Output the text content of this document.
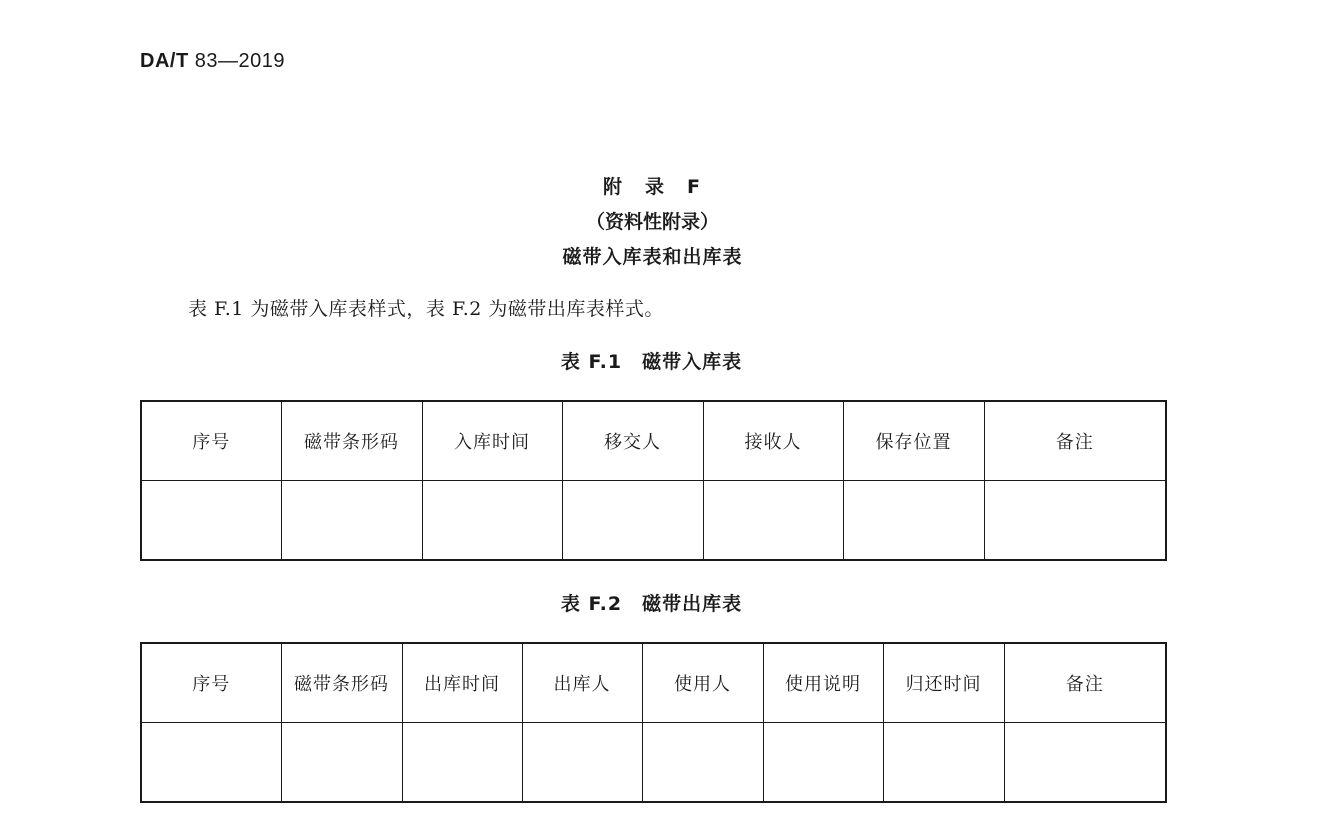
DA/T 83—2019
附　录　F
（资料性附录）
磁带入库表和出库表
表 F.1 为磁带入库表样式，表 F.2 为磁带出库表样式。
表 F.1　磁带入库表
序号	磁带条形码	入库时间	移交人	接收人	保存位置	备注

表 F.2　磁带出库表
序号	磁带条形码	出库时间	出库人	使用人	使用说明	归还时间	备注
